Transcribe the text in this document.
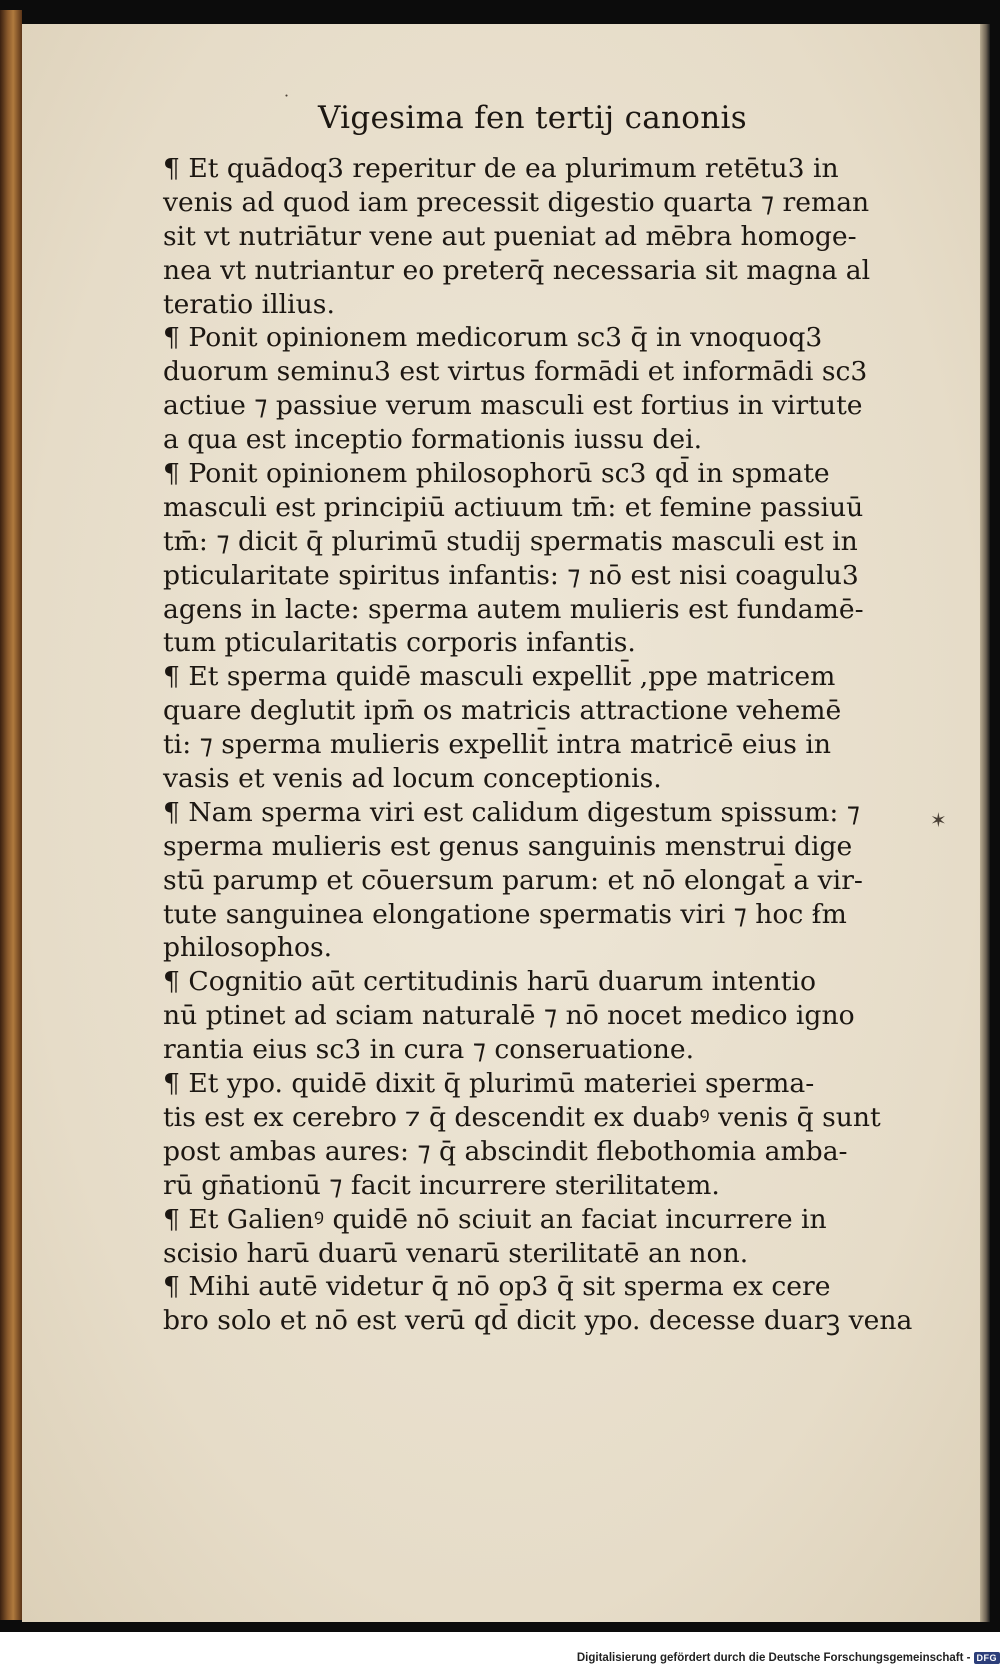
˙ Vigesima fen tertij canonis
¶ Et quādoq3 reperitur de ea plurimum retētu3 in
venis ad quod iam precessit digestio quarta ⁊ reman
sit vt nutriātur vene aut pueniat ad mēbra homoge-
nea vt nutriantur eo preterq̄ necessaria sit magna al
teratio illius.
¶ Ponit opinionem medicorum sc3 q̄ in vnoquoq3
duorum seminu3 est virtus formādi et informādi sc3
actiue ⁊ passiue verum masculi est fortius in virtute
a qua est inceptio formationis iussu dei.
¶ Ponit opinionem philosophorū sc3 qd̄ in spmate
masculi est principiū actiuum tm̄: et femine passiuū
tm̄: ⁊ dicit q̄ plurimū studij spermatis masculi est in
pticularitate spiritus infantis: ⁊ nō est nisi coagulu3
agens in lacte: sperma autem mulieris est fundamē-
tum pticularitatis corporis infantis.
¶ Et sperma quidē masculi expellit̄ ,ppe matricem
quare deglutit ipm̄ os matricis attractione vehemē
ti: ⁊ sperma mulieris expellit̄ intra matricē eius in
vasis et venis ad locum conceptionis.
¶ Nam sperma viri est calidum digestum spissum: ⁊
sperma mulieris est genus sanguinis menstrui dige
stū parump et cōuersum parum: et nō elongat̄ a vir-
tute sanguinea elongatione spermatis viri ⁊ hoc ẜm
philosophos.
¶ Cognitio aūt certitudinis harū duarum intentio
nū ptinet ad sciam naturalē ⁊ nō nocet medico igno
rantia eius sc3 in cura ⁊ conseruatione.
¶ Et ypo. quidē dixit q̄ plurimū materiei sperma-
tis est ex cerebro ⁊ q̄ descendit ex duabꝰ venis q̄ sunt
post ambas aures: ⁊ q̄ abscindit flebothomia amba-
rū gn̄ationū ⁊ facit incurrere sterilitatem.
¶ Et Galienꝰ quidē nō sciuit an faciat incurrere in
scisio harū duarū venarū sterilitatē an non.
¶ Mihi autē videtur q̄ nō op3 q̄ sit sperma ex cere
bro solo et nō est verū qd̄ dicit ypo. decesse duarꝫ vena
✶
Digitalisierung gefördert durch die Deutsche Forschungsgemeinschaft - DFG
